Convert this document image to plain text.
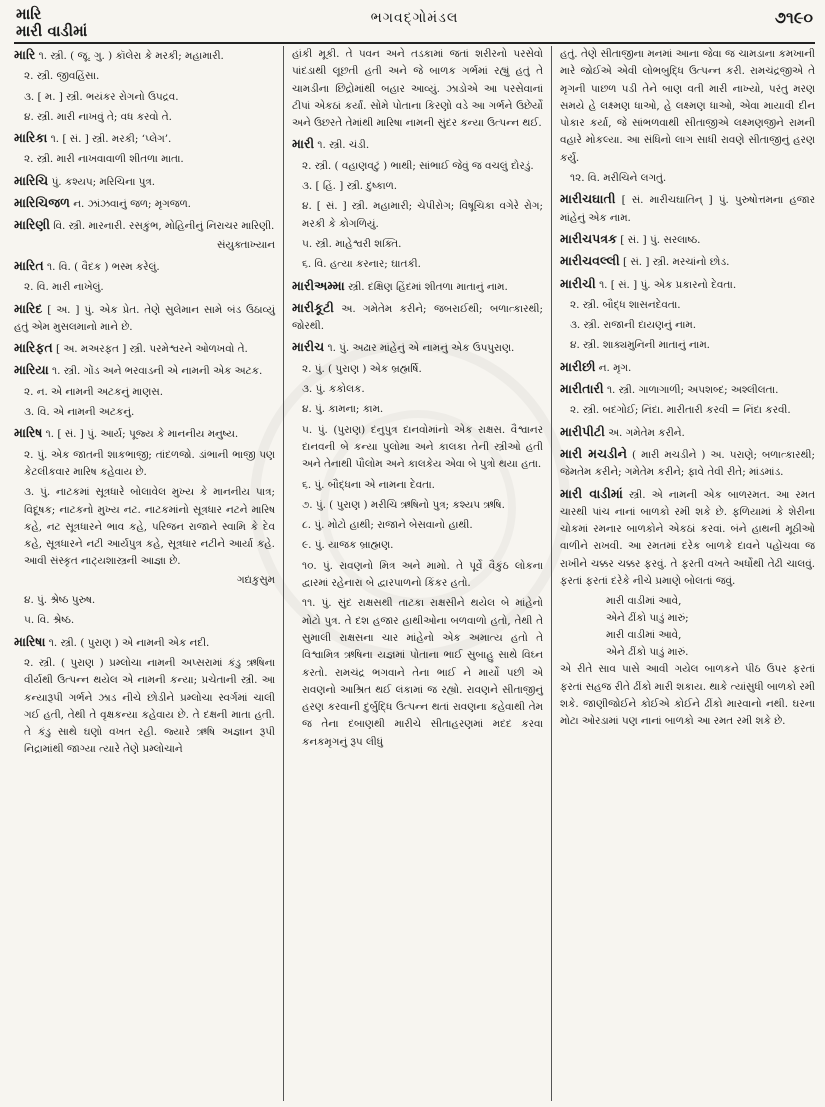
મારિ
મારી વાડીમાં
ભગવદ્‌ગોમંડલ	૭૧૯૦

મારિ ૧. સ્ત્રી. ( જૂ. ગુ. ) કૉલેરા કે મરકી; મહામારી.

૨. સ્ત્રી. જીવહિંસા.

૩. [ મ. ] સ્ત્રી. ભયંકર રોગનો ઉપદ્રવ.

૪. સ્ત્રી. મારી નાખવું તે; વધ કરવો તે.

મારિકા ૧. [ સં. ] સ્ત્રી. મરકી; ‘પ્લેગ’.

૨. સ્ત્રી. મારી નાખવાવાળી શીતળા માતા.

મારિચિ પું. કશ્યપ; મરિચિના પુત્ર.

મારિચિજળ ન. ઝાંઝવાનું જળ; મૃગજળ.

મારિણી વિ. સ્ત્રી. મારનારી. રસકુંભ, મોહિનીનું નિરાચર મારિણી.

સંયુક્તાખ્યાન

મારિત ૧. વિ. ( વૈદક ) ભસ્મ કરેલું.

૨. વિ. મારી નાખેલું.

મારિદ [ અ. ] પું. એક પ્રેત. તેણે સુલેમાન સામે બંડ ઉઠાવ્યું હતું એમ મુસલમાનો માને છે.

મારિફત [ અ. મઅરફત ] સ્ત્રી. પરમેશ્વરને ઓળખવો તે.

મારિયા ૧. સ્ત્રી. ગોંડ અને ભરવાડની એ નામની એક અટક.

૨. ન. એ નામની અટકનું માણસ.

૩. વિ. એ નામની અટકનું.

મારિષ ૧. [ સં. ] પું. આર્ય; પૂજ્ય કે માનનીય મનુષ્ય.

૨. પું. એક જાતની શાકભાજી; તાંદળજો. ડાંભાની ભાજી પણ કેટલીકવાર મારિષ કહેવાય છે.

૩. પું. નાટકમાં સૂત્રધારે બોલાવેલ મુખ્ય કે માનનીય પાત્ર; વિદૂષક; નાટકનો મુખ્ય નટ. નાટકમાંનો સૂત્રધાર નટને મારિષ કહે, નટ સૂત્રધારને ભાવ કહે, પરિજન રાજાને સ્વામિ કે દેવ કહે, સૂત્રધારને નટી આર્યપુત્ર કહે, સૂત્રધાર નટીને આર્યા કહે. આવી સંસ્કૃત નાટ્યશાસ્ત્રની આજ્ઞા છે.

ગદ્યકુસુમ

૪. પું. શ્રેષ્ઠ પુરુષ.

૫. વિ. શ્રેષ્ઠ.

મારિષા ૧. સ્ત્રી. ( પુરાણ ) એ નામની એક નદી.

૨. સ્ત્રી. ( પુરાણ ) પ્રમ્લોચા નામની અપ્સરામાં કંડુ ઋષિના વીર્યથી ઉત્પન્ન થયેલ એ નામની કન્યા; પ્રચેતાની સ્ત્રી. આ કન્યારૂપી ગર્ભને ઝાડ નીચે છોડીને પ્રમ્લોચા સ્વર્ગમાં ચાલી ગઈ હતી, તેથી તે વૃક્ષકન્યા કહેવાય છે. તે દક્ષની માતા હતી. તે કંડુ સાથે ઘણો વખત રહી. જ્યારે ઋષિ અજ્ઞાન રૂપી નિદ્રામાંથી જાગ્યા ત્યારે તેણે પ્રમ્લોચાને

હાંકી મૂકી. તે પવન અને તડકામાં જતાં શરીરનો પરસેવો પાંદડાથી લૂછતી હતી અને જે બાળક ગર્ભમાં રહ્યું હતું તે ચામડીના છિદ્રોમાંથી બહાર આવ્યું. ઝાડોએ આ પરસેવાનાં ટીપાં એકઠાં કર્યાં. સોમે પોતાના કિરણો વડે આ ગર્ભને ઉછેર્યો અને ઉછરતે તેમાંથી મારિષા નામની સુંદર કન્યા ઉત્પન્ન થઈ.

મારી ૧. સ્ત્રી. ચંડી.

૨. સ્ત્રી. ( વહાણવટું ) ભાથી; સાંભાઈ જેવું જ વચલું દોરડું.

૩. [ હિં. ] સ્ત્રી. દુષ્કાળ.

૪. [ સં. ] સ્ત્રી. મહામારી; ચેપીરોગ; વિષૂચિકા વગેરે રોગ; મરકી કે કોગળિયું.

૫. સ્ત્રી. માહેશ્વરી શક્તિ.

૬. વિ. હત્યા કરનાર; ઘાતકી.

મારીઅમ્મા સ્ત્રી. દક્ષિણ હિંદમાં શીતળા માતાનું નામ.

મારીકૂટી અ. ગમેતેમ કરીને; જબરાઈથી; બળાત્કારથી; જોરથી.

મારીચ ૧. પું. અઢાર માંહેનું એ નામનું એક ઉપપુરાણ.

૨. પું. ( પુરાણ ) એક બ્રહ્મર્ષિ.

૩. પું. કકોલક.

૪. પું. કામના; કામ.

૫. પું. (પુરાણ) દનુપુત્ર દાનવોમાંનો એક રાક્ષસ. વૈશ્વાનર દાનવની બે કન્યા પુલોમા અને કાલકા તેની સ્ત્રીઓ હતી અને તેનાથી પૌલોમ અને કાલકેય એવા બે પુત્રો થયા હતા.

૬. પું. બૌદ્ધના એ નામના દેવતા.

૭. પું. ( પુરાણ ) મરીચિ ઋષિનો પુત્ર; કશ્યપ ઋષિ.

૮. પું. મોટો હાથી; રાજાને બેસવાનો હાથી.

૯. પું. યાજક બ્રાહ્મણ.

૧૦. પું. રાવણનો મિત્ર અને મામો. તે પૂર્વે વૈકુંઠ લોકના દ્વારમાં રહેનારા બે દ્વારપાળનો કિંકર હતો.

૧૧. પું. સુંદ રાક્ષસથી તાટકા રાક્ષસીને થયેલ બે માંહેનો મોટો પુત્ર. તે દશ હજાર હાથીઓના બળવાળો હતો, તેથી તે સુમાલી રાક્ષસના ચાર માંહેનો એક અમાત્ય હતો તે વિશ્વામિત્ર ઋષિના યજ્ઞમાં પોતાના ભાઈ સુબાહુ સાથે વિઘ્ન કરતો. રામચંદ્ર ભગવાને તેના ભાઈ ને માર્યો પછી એ રાવણનો આશ્રિત થઈ લંકામાં જ રહ્યો. રાવણને સીતાજીનું હરણ કરવાની દુર્બુદ્ધિ ઉત્પન્ન થતાં રાવણના કહેવાથી તેમ જ તેના દબાણથી મારીચે સીતાહરણમાં મદદ કરવા કનકમૃગનું રૂપ લીધું

હતું. તેણે સીતાજીના મનમાં આના જેવા જ ચામડાના કમખાની મારે જોઈએ એવી લોભબુદ્ધિ ઉત્પન્ન કરી. રામચંદ્રજીએ તે મૃગની પાછળ પડી તેને બાણ વતી મારી નાખ્યો, પરંતુ મરણ સમયે હે લક્ષ્મણ ધાઓ, હે લક્ષ્મણ ધાઓ, એવા માયાવી દીન પોકાર કર્યા, જે સાંભળવાથી સીતાજીએ લક્ષ્મણજીને રામની વહારે મોકલ્યા. આ સંધિનો લાગ સાધી રાવણે સીતાજીનું હરણ કર્યું.

૧૨. વિ. મરીચિને લગતું.

મારીચઘાતી [ સં. મારીચઘાતિન્ ] પું. પુરુષોત્તમના હજાર માંહેનું એક નામ.

મારીચપત્રક [ સં. ] પું. સરલાષ્ઠ.

મારીચવલ્લી [ સં. ] સ્ત્રી. મરચાંનો છોડ.

મારીચી ૧. [ સં. ] પું. એક પ્રકારનો દેવતા.

૨. સ્ત્રી. બૌદ્ધ શાસનદેવતા.

૩. સ્ત્રી. રાજાની દાયણનું નામ.

૪. સ્ત્રી. શાક્યમુનિની માતાનું નામ.

મારીછી ન. મૃગ.

મારીતારી ૧. સ્ત્રી. ગાળાગાળી; અપશબ્દ; અશ્લીલતા.

૨. સ્ત્રી. બદગોઈ; નિંદા. મારીતારી કરવી = નિંદા કરવી.

મારીપીટી અ. ગમેતેમ કરીને.

મારી મચડીને ( મારી મચડીને ) અ. પરાણે; બળાત્કારથી; જેમતેમ કરીને; ગમેતેમ કરીને; ફાવે તેવી રીતે; માંડમાંડ.

મારી વાડીમાં સ્ત્રી. એ નામની એક બાળરમત. આ રમત ચારથી પાંચ નાનાં બાળકો રમી શકે છે. ફળિયામાં કે શેરીના ચોકમાં રમનાર બાળકોને એકઠાં કરવાં. બંને હાથની મૂઠીઓ વાળીને રાખવી. આ રમતમાં દરેક બાળકે દાવને પહોંચવા જ રાખીને ચક્કર ચક્કર ફરવું. તે ફરતી વખતે અર્ધોથી તેઢી ચાલવું. ફરતાં ફરતાં દરેકે નીચે પ્રમાણે બોલતાં જવું.

મારી વાડીમાં આવે,
એને ઢીંકો પાડું મારું;
મારી વાડીમાં આવે,
એને ઢીંકો પાડું મારું.

એ રીતે સાવ પાસે આવી ગયેલ બાળકને પીઠ ઉપર ફરતાં ફરતાં સહજ રીતે ઢીંકો મારી શકાય. થાકે ત્યાંસુધી બાળકો રમી શકે. જાણીજોઈને કોઈએ કોઈને ઢીંકો મારવાનો નથી. ઘરના મોટા ઓરડામાં પણ નાનાં બાળકો આ રમત રમી શકે છે.
